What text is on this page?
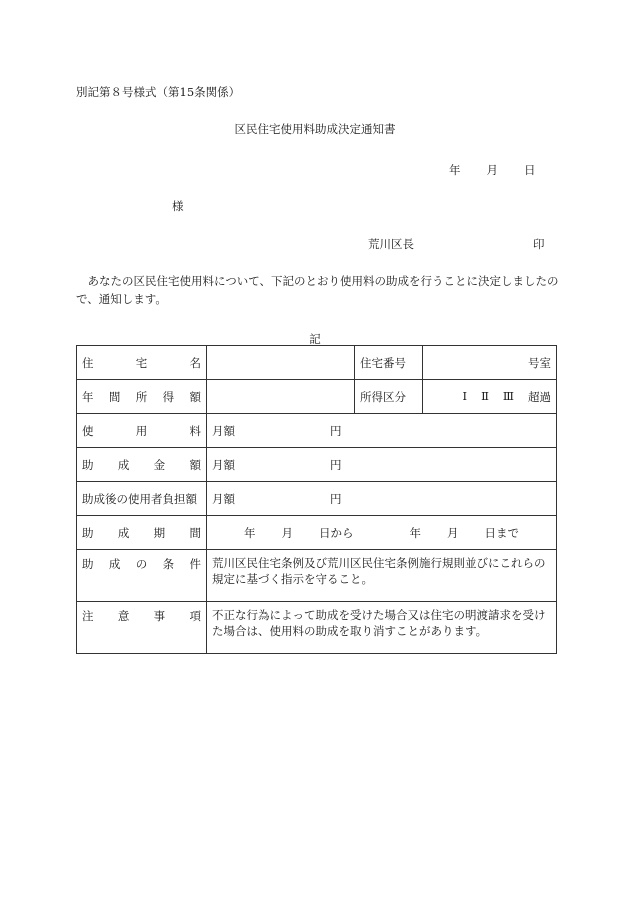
別記第８号様式（第15条関係）
区民住宅使用料助成決定通知書
年 月 日
様
荒川区長	印
あなたの区民住宅使用料について、下記のとおり使用料の助成を行うことに決定しましたので、通知します。
記
住 宅 名		住宅番号	号室

年 間 所 得 額		所得区分	Ⅰ Ⅱ Ⅲ 超過

使 用 料	月額 円		

助 成 金 額	月額 円		

助成後の使用者負担額	月額 円		

助 成 期 間	年 月 日から 年 月 日まで		

助 成 の 条 件	荒川区民住宅条例及び荒川区民住宅条例施行規則並びにこれらの規定に基づく指示を守ること。		

注 意 事 項	不正な行為によって助成を受けた場合又は住宅の明渡請求を受けた場合は、使用料の助成を取り消すことがあります。		
